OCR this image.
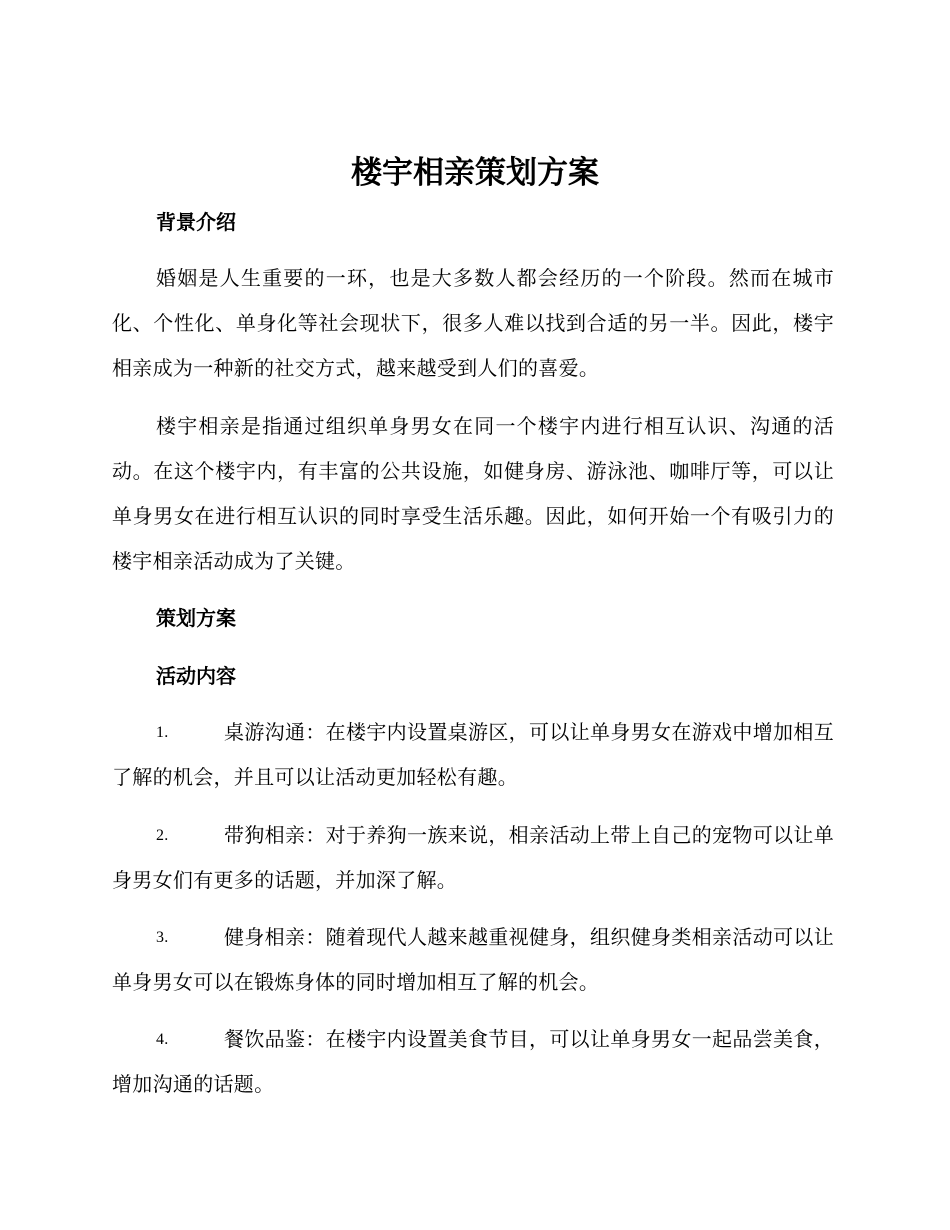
楼宇相亲策划方案
背景介绍

婚姻是人生重要的一环，也是大多数人都会经历的一个阶段。然而在城市化、个性化、单身化等社会现状下，很多人难以找到合适的另一半。因此，楼宇相亲成为一种新的社交方式，越来越受到人们的喜爱。

楼宇相亲是指通过组织单身男女在同一个楼宇内进行相互认识、沟通的活动。在这个楼宇内，有丰富的公共设施，如健身房、游泳池、咖啡厅等，可以让单身男女在进行相互认识的同时享受生活乐趣。因此，如何开始一个有吸引力的楼宇相亲活动成为了关键。

策划方案
活动内容
1.	桌游沟通：在楼宇内设置桌游区，可以让单身男女在游戏中增加相互了解的机会，并且可以让活动更加轻松有趣。
2.	带狗相亲：对于养狗一族来说，相亲活动上带上自己的宠物可以让单身男女们有更多的话题，并加深了解。
3.	健身相亲：随着现代人越来越重视健身，组织健身类相亲活动可以让单身男女可以在锻炼身体的同时增加相互了解的机会。
4.	餐饮品鉴：在楼宇内设置美食节目，可以让单身男女一起品尝美食，增加沟通的话题。
